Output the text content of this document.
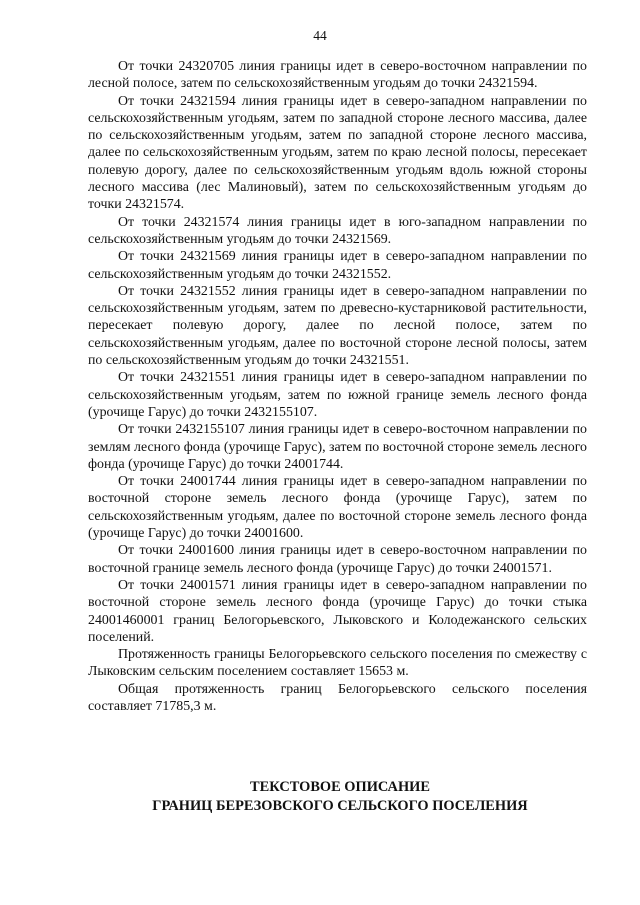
44

От точки 24320705 линия границы идет в северо-восточном направлении по лесной полосе, затем по сельскохозяйственным угодьям до точки 24321594.

От точки 24321594 линия границы идет в северо-западном направлении по сельскохозяйственным угодьям, затем по западной стороне лесного массива, далее по сельскохозяйственным угодьям, затем по западной стороне лесного массива, далее по сельскохозяйственным угодьям, затем по краю лесной полосы, пересекает полевую дорогу, далее по сельскохозяйственным угодьям вдоль южной стороны лесного массива (лес Малиновый), затем по сельскохозяйственным угодьям до точки 24321574.

От точки 24321574 линия границы идет в юго-западном направлении по сельскохозяйственным угодьям до точки 24321569.

От точки 24321569 линия границы идет в северо-западном направлении по сельскохозяйственным угодьям до точки 24321552.

От точки 24321552 линия границы идет в северо-западном направлении по сельскохозяйственным угодьям, затем по древесно-кустарниковой растительности, пересекает полевую дорогу, далее по лесной полосе, затем по сельскохозяйственным угодьям, далее по восточной стороне лесной полосы, затем по сельскохозяйственным угодьям до точки 24321551.

От точки 24321551 линия границы идет в северо-западном направлении по сельскохозяйственным угодьям, затем по южной границе земель лесного фонда (урочище Гарус) до точки 2432155107.

От точки 2432155107 линия границы идет в северо-восточном направлении по землям лесного фонда (урочище Гарус), затем по восточной стороне земель лесного фонда (урочище Гарус) до точки 24001744.

От точки 24001744 линия границы идет в северо-западном направлении по восточной стороне земель лесного фонда (урочище Гарус), затем по сельскохозяйственным угодьям, далее по восточной стороне земель лесного фонда (урочище Гарус) до точки 24001600.

От точки 24001600 линия границы идет в северо-восточном направлении по восточной границе земель лесного фонда (урочище Гарус) до точки 24001571.

От точки 24001571 линия границы идет в северо-западном направлении по восточной стороне земель лесного фонда (урочище Гарус) до точки стыка 24001460001 границ Белогорьевского, Лыковского и Колодежанского сельских поселений.

Протяженность границы Белогорьевского сельского поселения по смежеству с Лыковским сельским поселением составляет 15653 м.

Общая протяженность границ Белогорьевского сельского поселения составляет 71785,3 м.

ТЕКСТОВОЕ ОПИСАНИЕ
ГРАНИЦ БЕРЕЗОВСКОГО СЕЛЬСКОГО ПОСЕЛЕНИЯ
